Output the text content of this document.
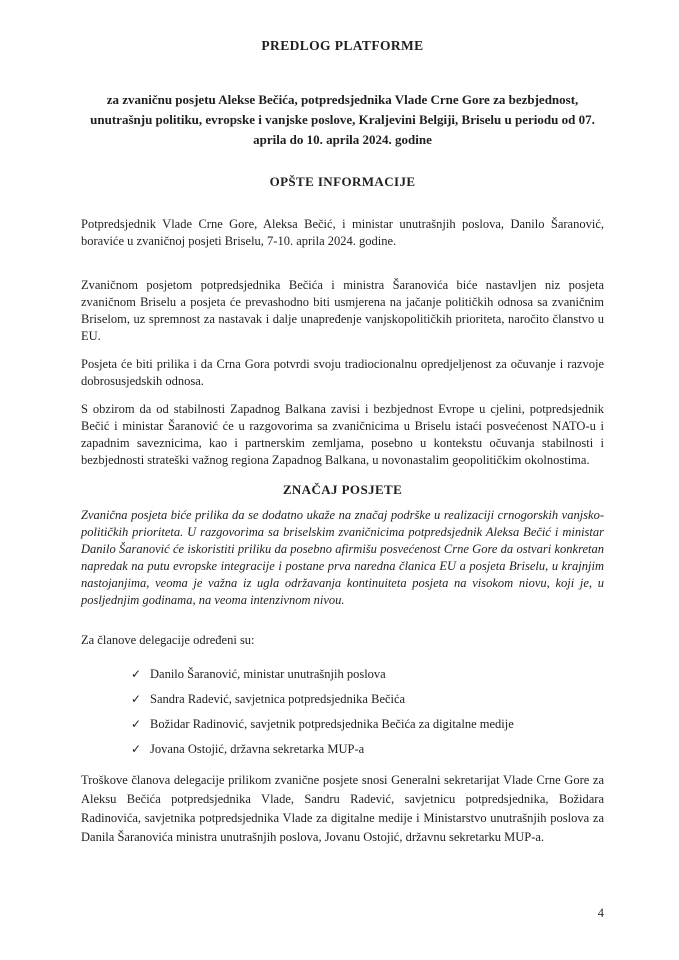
PREDLOG PLATFORME

za zvaničnu posjetu Alekse Bečića, potpredsjednika Vlade Crne Gore za bezbjednost, unutrašnju politiku, evropske i vanjske poslove, Kraljevini Belgiji, Briselu u periodu od 07. aprila do 10. aprila 2024. godine

OPŠTE INFORMACIJE

Potpredsjednik Vlade Crne Gore, Aleksa Bečić, i ministar unutrašnjih poslova, Danilo Šaranović, boraviće u zvaničnoj posjeti Briselu, 7-10. aprila 2024. godine.

Zvaničnom posjetom potpredsjednika Bečića i ministra Šaranovića biće nastavljen niz posjeta zvaničnom Briselu a posjeta će prevashodno biti usmjerena na jačanje političkih odnosa sa zvaničnim Briselom, uz spremnost za nastavak i dalje unapređenje vanjskopolitičkih prioriteta, naročito članstvo u EU.

Posjeta će biti prilika i da Crna Gora potvrdi svoju tradiocionalnu opredjeljenost za očuvanje i razvoje dobrosusjedskih odnosa.

S obzirom da od stabilnosti Zapadnog Balkana zavisi i bezbjednost Evrope u cjelini, potpredsjednik Bečić i ministar Šaranović će u razgovorima sa zvaničnicima u Briselu istaći posvećenost NATO-u i zapadnim saveznicima, kao i partnerskim zemljama, posebno u kontekstu očuvanja stabilnosti i bezbjednosti strateški važnog regiona Zapadnog Balkana, u novonastalim geopolitičkim okolnostima.

ZNAČAJ POSJETE

Zvanična posjeta biće prilika da se dodatno ukaže na značaj podrške u realizaciji crnogorskih vanjsko-političkih prioriteta. U razgovorima sa briselskim zvaničnicima potpredsjednik Aleksa Bečić i ministar Danilo Šaranović će iskoristiti priliku da posebno afirmišu posvećenost Crne Gore da ostvari konkretan napredak na putu evropske integracije i postane prva naredna članica EU a posjeta Briselu, u krajnjim nastojanjima, veoma je važna iz ugla održavanja kontinuiteta posjeta na visokom niovu, koji je, u posljednjim godinama, na veoma intenzivnom nivou.

Za članove delegacije određeni su:

✓ Danilo Šaranović, ministar unutrašnjih poslova
✓ Sandra Radević, savjetnica potpredsjednika Bečića
✓ Božidar Radinović, savjetnik potpredsjednika Bečića za digitalne medije
✓ Jovana Ostojić, državna sekretarka MUP-a

Troškove članova delegacije prilikom zvanične posjete snosi Generalni sekretarijat Vlade Crne Gore za Aleksu Bečića potpredsjednika Vlade, Sandru Radević, savjetnicu potpredsjednika, Božidara Radinovića, savjetnika potpredsjednika Vlade za digitalne medije i Ministarstvo unutrašnjih poslova za Danila Šaranovića ministra unutrašnjih poslova, Jovanu Ostojić, državnu sekretarku MUP-a.

4
